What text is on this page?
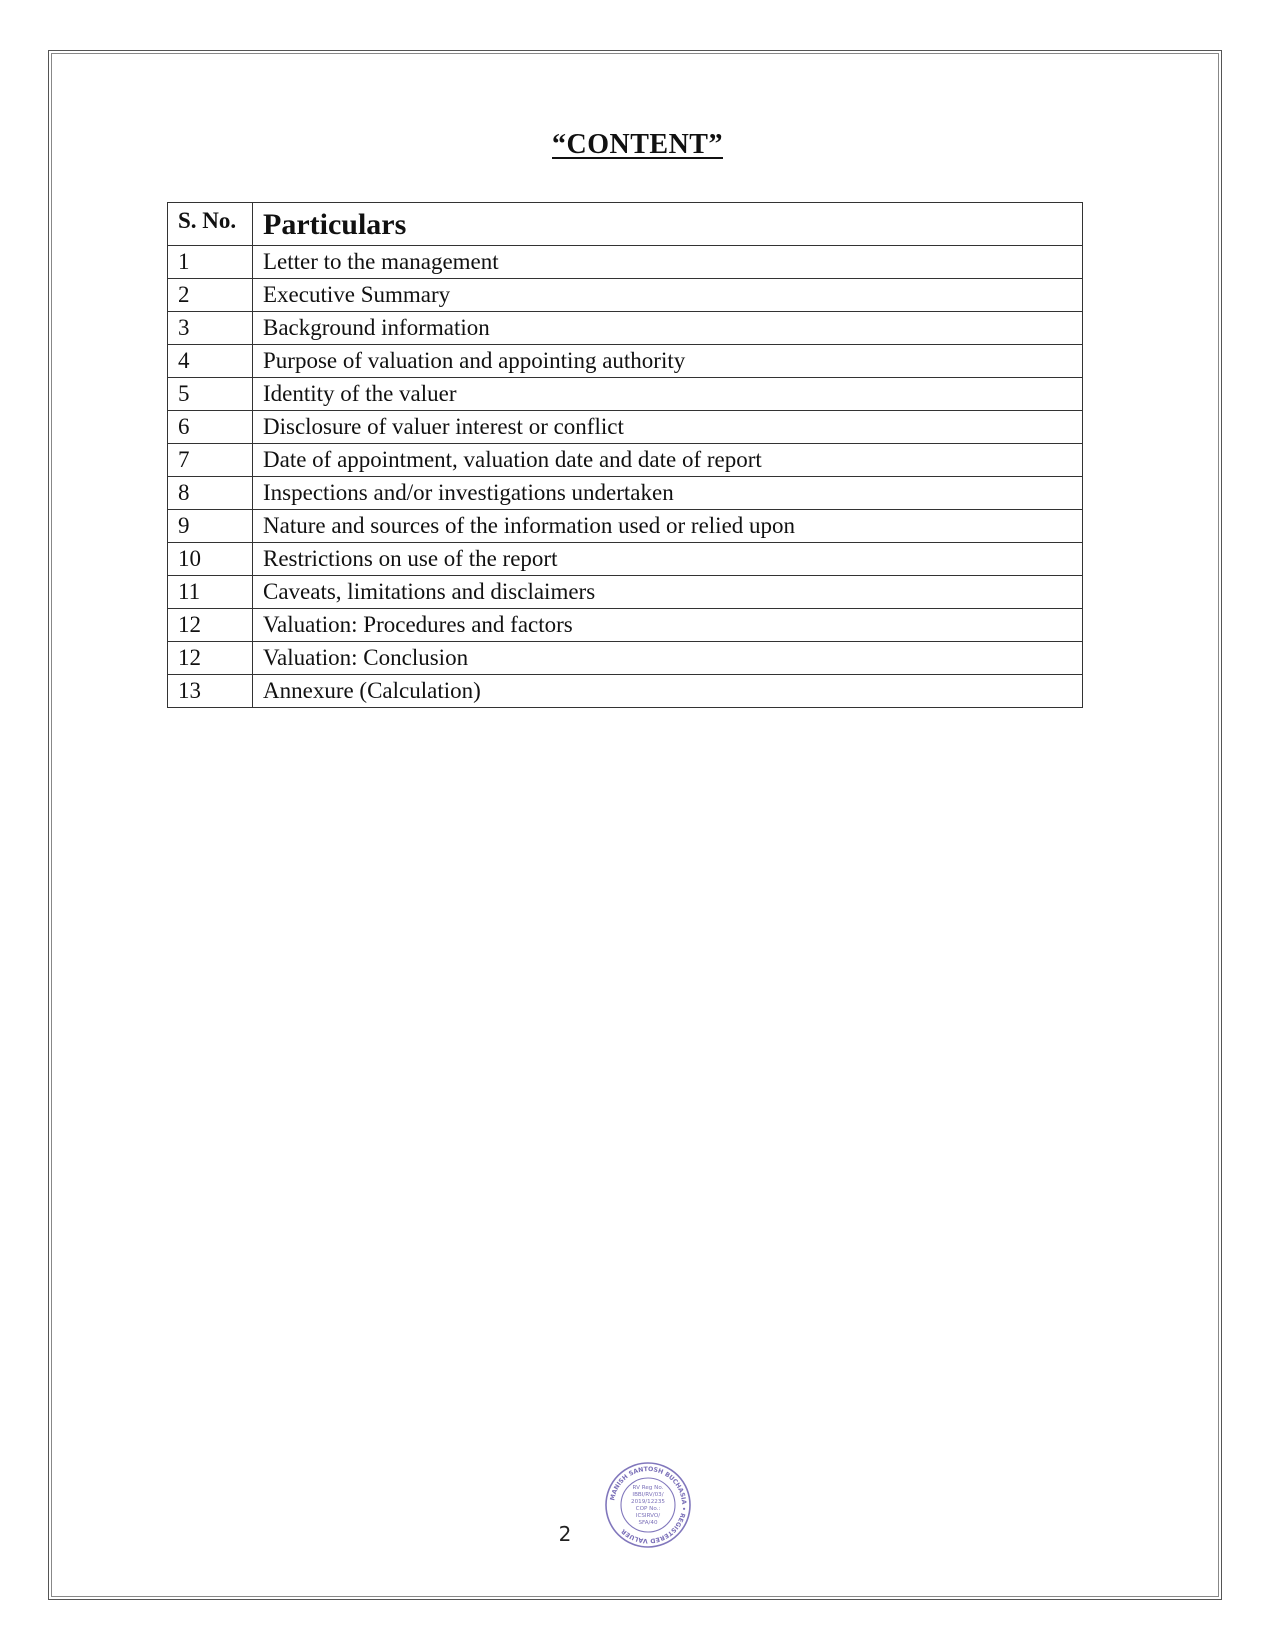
“CONTENT”
S. No.	Particulars
1	Letter to the management
2	Executive Summary
3	Background information
4	Purpose of valuation and appointing authority
5	Identity of the valuer
6	Disclosure of valuer interest or conflict
7	Date of appointment, valuation date and date of report
8	Inspections and/or investigations undertaken
9	Nature and sources of the information used or relied upon
10	Restrictions on use of the report
11	Caveats, limitations and disclaimers
12	Valuation: Procedures and factors
12	Valuation: Conclusion
13	Annexure (Calculation)
MANISH SANTOSH BUCHASIA • REGISTERED VALUER
RV Reg No.
IBBI/RV/03/
2019/12235
COP No.:
ICSIRVO/
SFA/40
2
